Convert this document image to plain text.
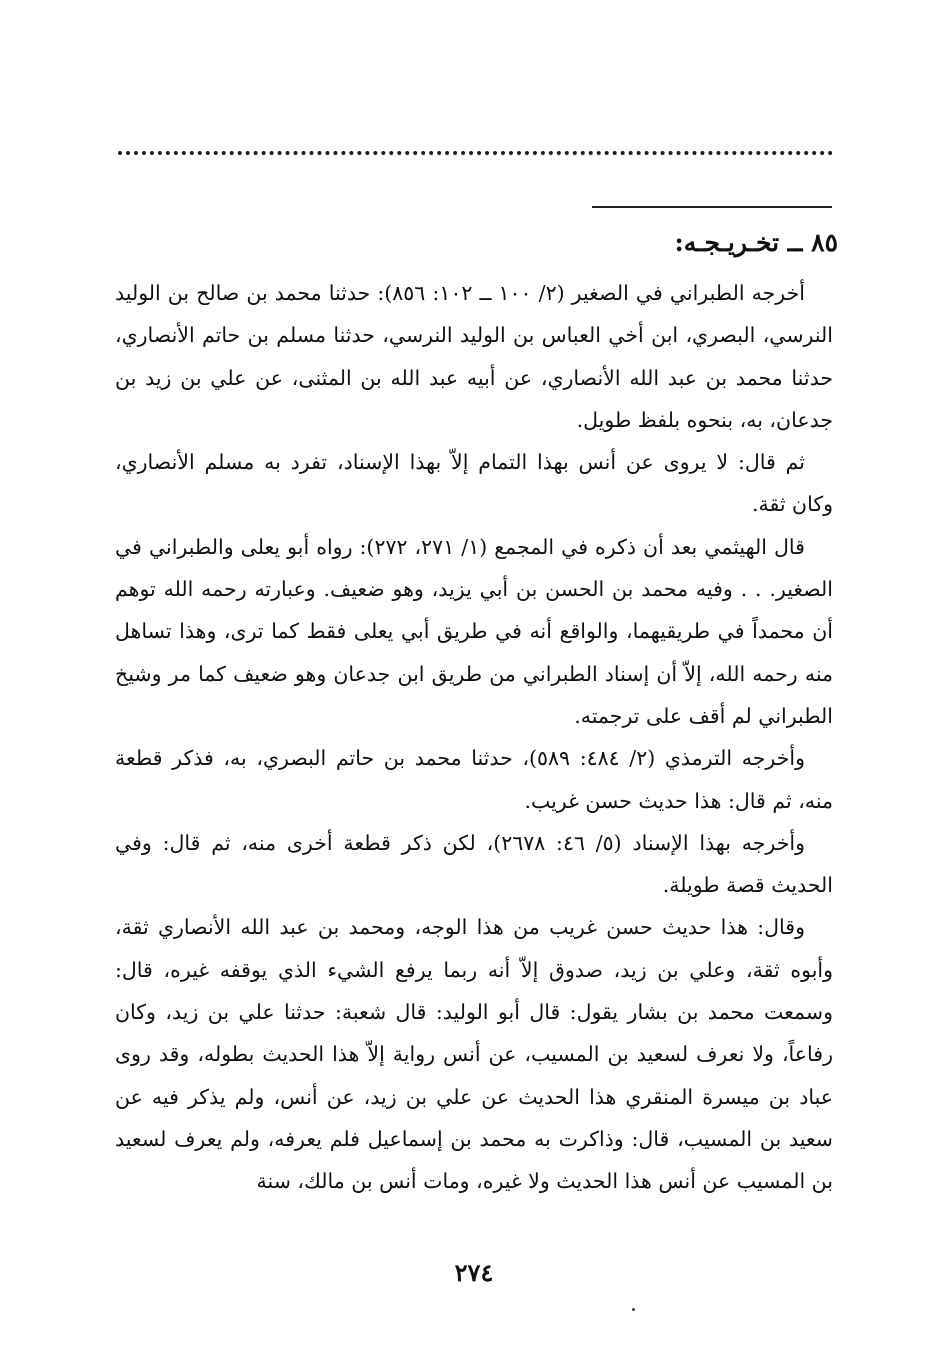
٨٥ ــ تخـريـجـه:

أخرجه الطبراني في الصغير (٢/ ١٠٠ ــ ١٠٢: ٨٥٦): حدثنا محمد بن صالح بن الوليد النرسي، البصري، ابن أخي العباس بن الوليد النرسي، حدثنا مسلم بن حاتم الأنصاري، حدثنا محمد بن عبد الله الأنصاري، عن أبيه عبد الله بن المثنى، عن علي بن زيد بن جدعان، به، بنحوه بلفظ طويل.

ثم قال: لا يروى عن أنس بهذا التمام إلاّ بهذا الإسناد، تفرد به مسلم الأنصاري، وكان ثقة.

قال الهيثمي بعد أن ذكره في المجمع (١/ ٢٧١، ٢٧٢): رواه أبو يعلى والطبراني في الصغير. . . وفيه محمد بن الحسن بن أبي يزيد، وهو ضعيف. وعبارته رحمه الله توهم أن محمداً في طريقيهما، والواقع أنه في طريق أبي يعلى فقط كما ترى، وهذا تساهل منه رحمه الله، إلاّ أن إسناد الطبراني من طريق ابن جدعان وهو ضعيف كما مر وشيخ الطبراني لم أقف على ترجمته.

وأخرجه الترمذي (٢/ ٤٨٤: ٥٨٩)، حدثنا محمد بن حاتم البصري، به، فذكر قطعة منه، ثم قال: هذا حديث حسن غريب.

وأخرجه بهذا الإسناد (٥/ ٤٦: ٢٦٧٨)، لكن ذكر قطعة أخرى منه، ثم قال: وفي الحديث قصة طويلة.

وقال: هذا حديث حسن غريب من هذا الوجه، ومحمد بن عبد الله الأنصاري ثقة، وأبوه ثقة، وعلي بن زيد، صدوق إلاّ أنه ربما يرفع الشيء الذي يوقفه غيره، قال: وسمعت محمد بن بشار يقول: قال أبو الوليد: قال شعبة: حدثنا علي بن زيد، وكان رفاعاً، ولا نعرف لسعيد بن المسيب، عن أنس رواية إلاّ هذا الحديث بطوله، وقد روى عباد بن ميسرة المنقري هذا الحديث عن علي بن زيد، عن أنس، ولم يذكر فيه عن سعيد بن المسيب، قال: وذاكرت به محمد بن إسماعيل فلم يعرفه، ولم يعرف لسعيد بن المسيب عن أنس هذا الحديث ولا غيره، ومات أنس بن مالك، سنة

٢٧٤
